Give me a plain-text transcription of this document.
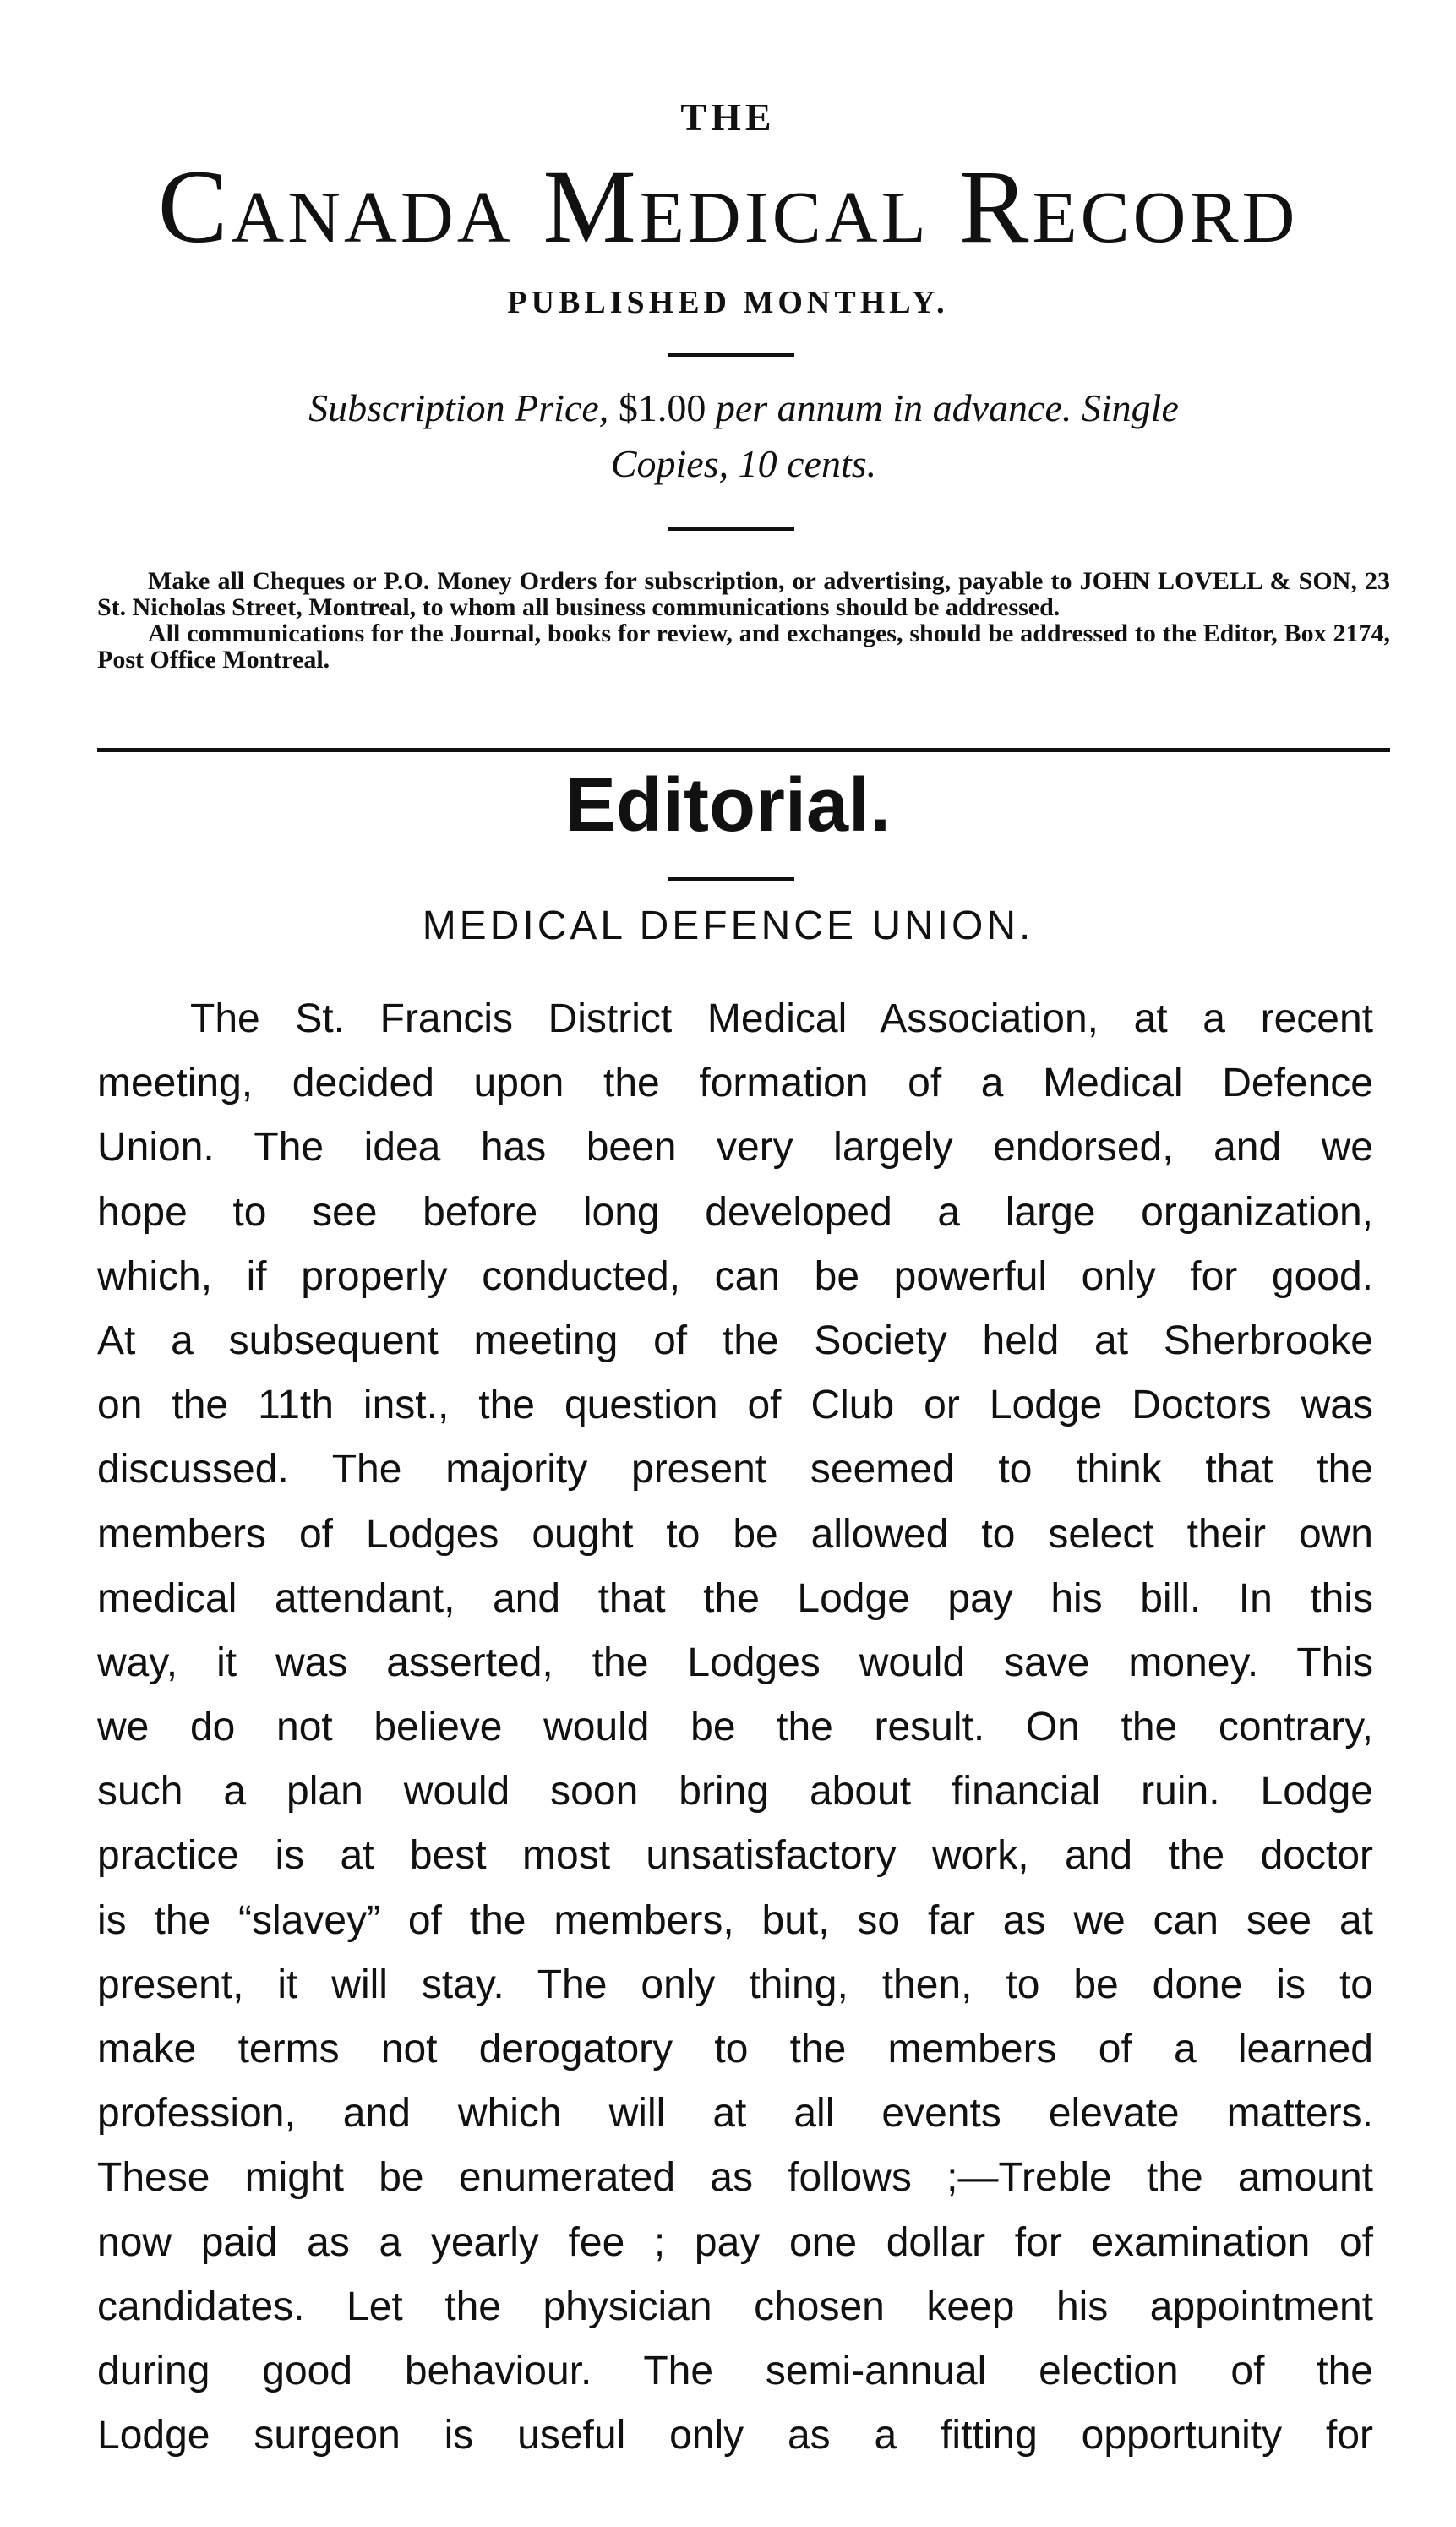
THE
Canada Medical Record
PUBLISHED MONTHLY.
Subscription Price, $1.00 per annum in advance. Single
Copies, 10 cents.

Make all Cheques or P.O. Money Orders for subscription, or advertising, payable to JOHN LOVELL & SON, 23 St. Nicholas Street, Montreal, to whom all business communications should be addressed.

All communications for the Journal, books for review, and exchanges, should be addressed to the Editor, Box 2174, Post Office Montreal.

Editorial.
MEDICAL DEFENCE UNION.
The St. Francis District Medical Association, at a recent
meeting, decided upon the formation of a Medical Defence
Union. The idea has been very largely endorsed, and we
hope to see before long developed a large organization,
which, if properly conducted, can be powerful only for good.
At a subsequent meeting of the Society held at Sherbrooke
on the 11th inst., the question of Club or Lodge Doctors was
discussed. The majority present seemed to think that the
members of Lodges ought to be allowed to select their own
medical attendant, and that the Lodge pay his bill. In this
way, it was asserted, the Lodges would save money. This
we do not believe would be the result. On the contrary,
such a plan would soon bring about financial ruin. Lodge
practice is at best most unsatisfactory work, and the doctor
is the “slavey” of the members, but, so far as we can see at
present, it will stay. The only thing, then, to be done is to
make terms not derogatory to the members of a learned
profession, and which will at all events elevate matters.
These might be enumerated as follows ;—Treble the amount
now paid as a yearly fee ; pay one dollar for examination of
candidates. Let the physician chosen keep his appointment
during good behaviour. The semi-annual election of the
Lodge surgeon is useful only as a fitting opportunity for
